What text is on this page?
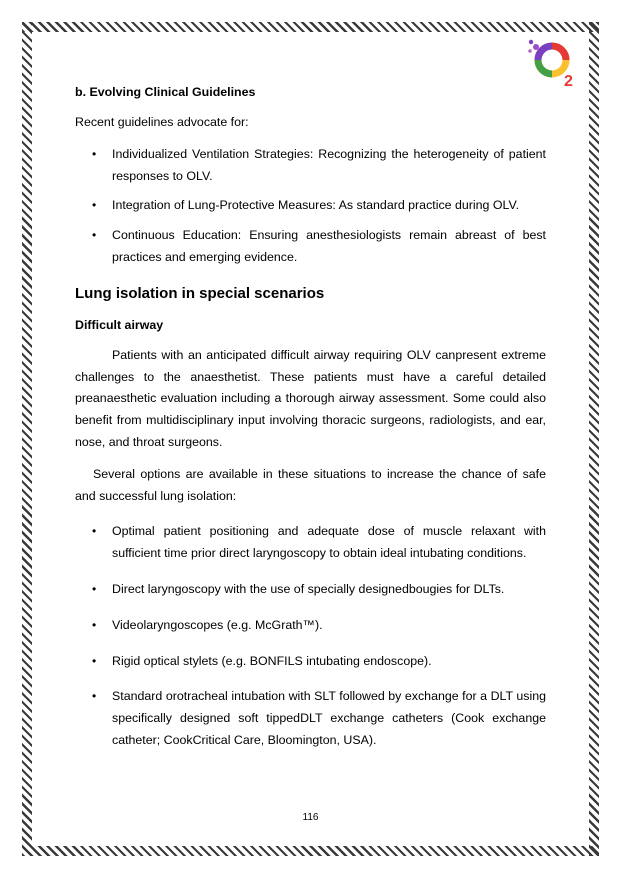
2
b. Evolving Clinical Guidelines
Recent guidelines advocate for:
• Individualized Ventilation Strategies: Recognizing the heterogeneity of patient responses to OLV.
• Integration of Lung-Protective Measures: As standard practice during OLV.
• Continuous Education: Ensuring anesthesiologists remain abreast of best practices and emerging evidence.
Lung isolation in special scenarios
Difficult airway
Patients with an anticipated difficult airway requiring OLV canpresent extreme challenges to the anaesthetist. These patients must have a careful detailed preanaesthetic evaluation including a thorough airway assessment. Some could also benefit from multidisciplinary input involving thoracic surgeons, radiologists, and ear, nose, and throat surgeons.
Several options are available in these situations to increase the chance of safe and successful lung isolation:
• Optimal patient positioning and adequate dose of muscle relaxant with sufficient time prior direct laryngoscopy to obtain ideal intubating conditions.
• Direct laryngoscopy with the use of specially designedbougies for DLTs.
• Videolaryngoscopes (e.g. McGrath™).
• Rigid optical stylets (e.g. BONFILS intubating endoscope).
• Standard orotracheal intubation with SLT followed by exchange for a DLT using specifically designed soft tippedDLT exchange catheters (Cook exchange catheter; CookCritical Care, Bloomington, USA).
116
